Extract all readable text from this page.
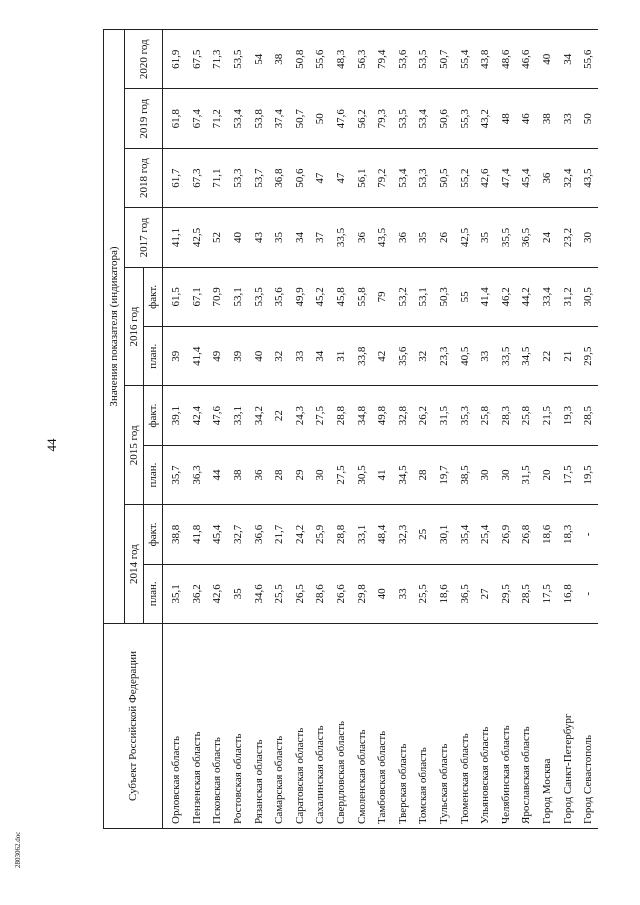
44
Субъект Российской Федерации	Значения показателя (индикатора)									
	2014 год		2015 год		2016 год		2017 год	2018 год	2019 год	2020 год
	план.	факт.	план.	факт.	план.	факт.				
Орловская область	35,1	38,8	35,7	39,1	39	61,5	41,1	61,7	61,8	61,9
Пензенская область	36,2	41,8	36,3	42,4	41,4	67,1	42,5	67,3	67,4	67,5
Псковская область	42,6	45,4	44	47,6	49	70,9	52	71,1	71,2	71,3
Ростовская область	35	32,7	38	33,1	39	53,1	40	53,3	53,4	53,5
Рязанская область	34,6	36,6	36	34,2	40	53,5	43	53,7	53,8	54
Самарская область	25,5	21,7	28	22	32	35,6	35	36,8	37,4	38
Саратовская область	26,5	24,2	29	24,3	33	49,9	34	50,6	50,7	50,8
Сахалинская область	28,6	25,9	30	27,5	34	45,2	37	47	50	55,6
Свердловская область	26,6	28,8	27,5	28,8	31	45,8	33,5	47	47,6	48,3
Смоленская область	29,8	33,1	30,5	34,8	33,8	55,8	36	56,1	56,2	56,3
Тамбовская область	40	48,4	41	49,8	42	79	43,5	79,2	79,3	79,4
Тверская область	33	32,3	34,5	32,8	35,6	53,2	36	53,4	53,5	53,6
Томская область	25,5	25	28	26,2	32	53,1	35	53,3	53,4	53,5
Тульская область	18,6	30,1	19,7	31,5	23,3	50,3	26	50,5	50,6	50,7
Тюменская область	36,5	35,4	38,5	35,3	40,5	55	42,5	55,2	55,3	55,4
Ульяновская область	27	25,4	30	25,8	33	41,4	35	42,6	43,2	43,8
Челябинская область	29,5	26,9	30	28,3	33,5	46,2	35,5	47,4	48	48,6
Ярославская область	28,5	26,8	31,5	25,8	34,5	44,2	36,5	45,4	46	46,6
Город Москва	17,5	18,6	20	21,5	22	33,4	24	36	38	40
Город Санкт-Петербург	16,8	18,3	17,5	19,3	21	31,2	23,2	32,4	33	34
Город Севастополь	-	-	19,5	28,5	29,5	30,5	30	43,5	50	55,6
2803062.doc
